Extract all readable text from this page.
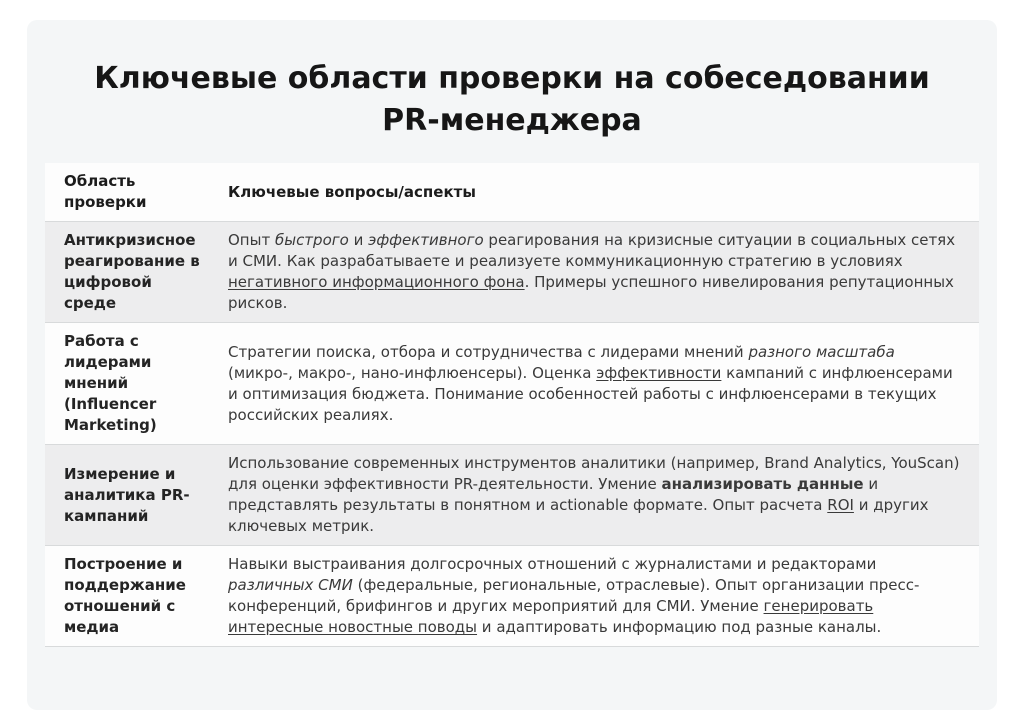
Ключевые области проверки на собеседовании PR-менеджера
Область проверки
Ключевые вопросы/аспекты
Антикризисное реагирование в цифровой среде
Опыт быстрого и эффективного реагирования на кризисные ситуации в социальных сетях и СМИ. Как разрабатываете и реализуете коммуникационную стратегию в условиях негативного информационного фона. Примеры успешного нивелирования репутационных рисков.
Работа с лидерами мнений (Influencer Marketing)
Стратегии поиска, отбора и сотрудничества с лидерами мнений разного масштаба (микро-, макро-, нано-инфлюенсеры). Оценка эффективности кампаний с инфлюенсерами и оптимизация бюджета. Понимание особенностей работы с инфлюенсерами в текущих российских реалиях.
Измерение и аналитика PR-кампаний
Использование современных инструментов аналитики (например, Brand Analytics, YouScan) для оценки эффективности PR-деятельности. Умение анализировать данные и представлять результаты в понятном и actionable формате. Опыт расчета ROI и других ключевых метрик.
Построение и поддержание отношений с медиа
Навыки выстраивания долгосрочных отношений с журналистами и редакторами различных СМИ (федеральные, региональные, отраслевые). Опыт организации пресс-конференций, брифингов и других мероприятий для СМИ. Умение генерировать интересные новостные поводы и адаптировать информацию под разные каналы.
